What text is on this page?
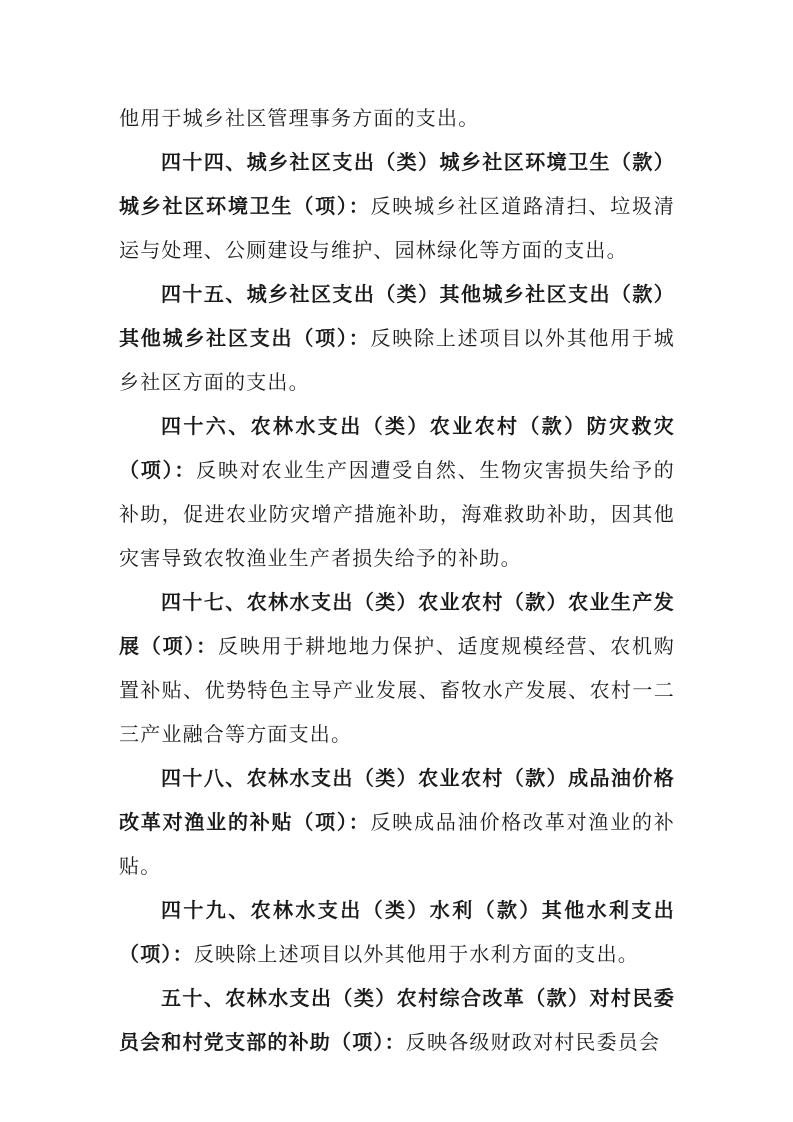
他用于城乡社区管理事务方面的支出。

四十四、城乡社区支出（类）城乡社区环境卫生（款）城乡社区环境卫生（项）：反映城乡社区道路清扫、垃圾清运与处理、公厕建设与维护、园林绿化等方面的支出。

四十五、城乡社区支出（类）其他城乡社区支出（款）其他城乡社区支出（项）：反映除上述项目以外其他用于城乡社区方面的支出。

四十六、农林水支出（类）农业农村（款）防灾救灾（项）：反映对农业生产因遭受自然、生物灾害损失给予的补助，促进农业防灾增产措施补助，海难救助补助，因其他灾害导致农牧渔业生产者损失给予的补助。

四十七、农林水支出（类）农业农村（款）农业生产发展（项）：反映用于耕地地力保护、适度规模经营、农机购置补贴、优势特色主导产业发展、畜牧水产发展、农村一二三产业融合等方面支出。

四十八、农林水支出（类）农业农村（款）成品油价格改革对渔业的补贴（项）：反映成品油价格改革对渔业的补贴。

四十九、农林水支出（类）水利（款）其他水利支出（项）：反映除上述项目以外其他用于水利方面的支出。

五十、农林水支出（类）农村综合改革（款）对村民委员会和村党支部的补助（项）：反映各级财政对村民委员会
